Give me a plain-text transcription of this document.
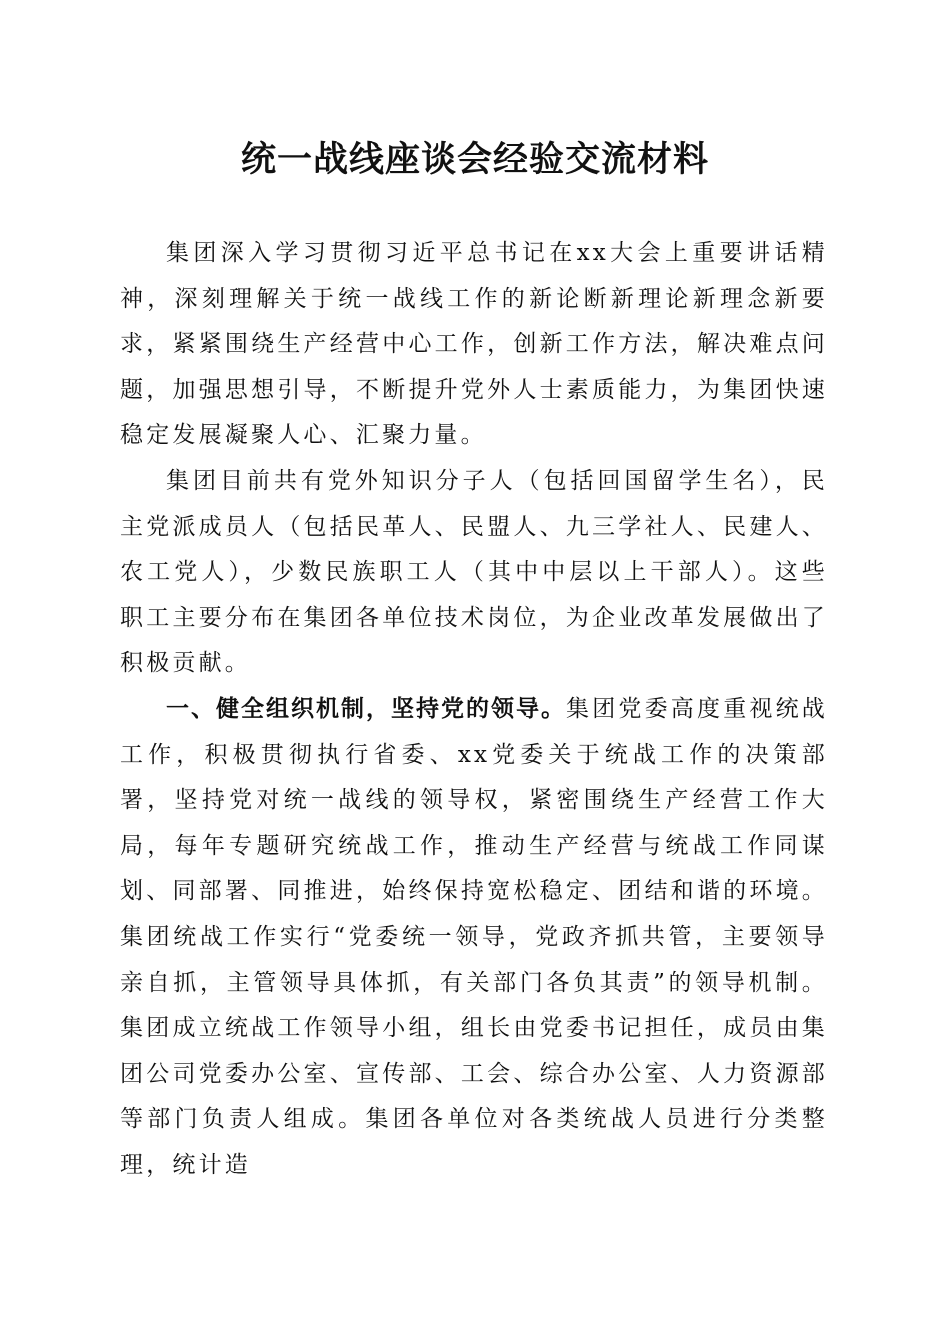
统一战线座谈会经验交流材料

集团深入学习贯彻习近平总书记在xx大会上重要讲话精神，深刻理解关于统一战线工作的新论断新理论新理念新要求，紧紧围绕生产经营中心工作，创新工作方法，解决难点问题，加强思想引导，不断提升党外人士素质能力，为集团快速稳定发展凝聚人心、汇聚力量。

集团目前共有党外知识分子人（包括回国留学生名），民主党派成员人（包括民革人、民盟人、九三学社人、民建人、农工党人），少数民族职工人（其中中层以上干部人）。这些职工主要分布在集团各单位技术岗位，为企业改革发展做出了积极贡献。

一、健全组织机制，坚持党的领导。集团党委高度重视统战工作，积极贯彻执行省委、xx党委关于统战工作的决策部署，坚持党对统一战线的领导权，紧密围绕生产经营工作大局，每年专题研究统战工作，推动生产经营与统战工作同谋划、同部署、同推进，始终保持宽松稳定、团结和谐的环境。集团统战工作实行“党委统一领导，党政齐抓共管，主要领导亲自抓，主管领导具体抓，有关部门各负其责”的领导机制。集团成立统战工作领导小组，组长由党委书记担任，成员由集团公司党委办公室、宣传部、工会、综合办公室、人力资源部等部门负责人组成。集团各单位对各类统战人员进行分类整理，统计造
